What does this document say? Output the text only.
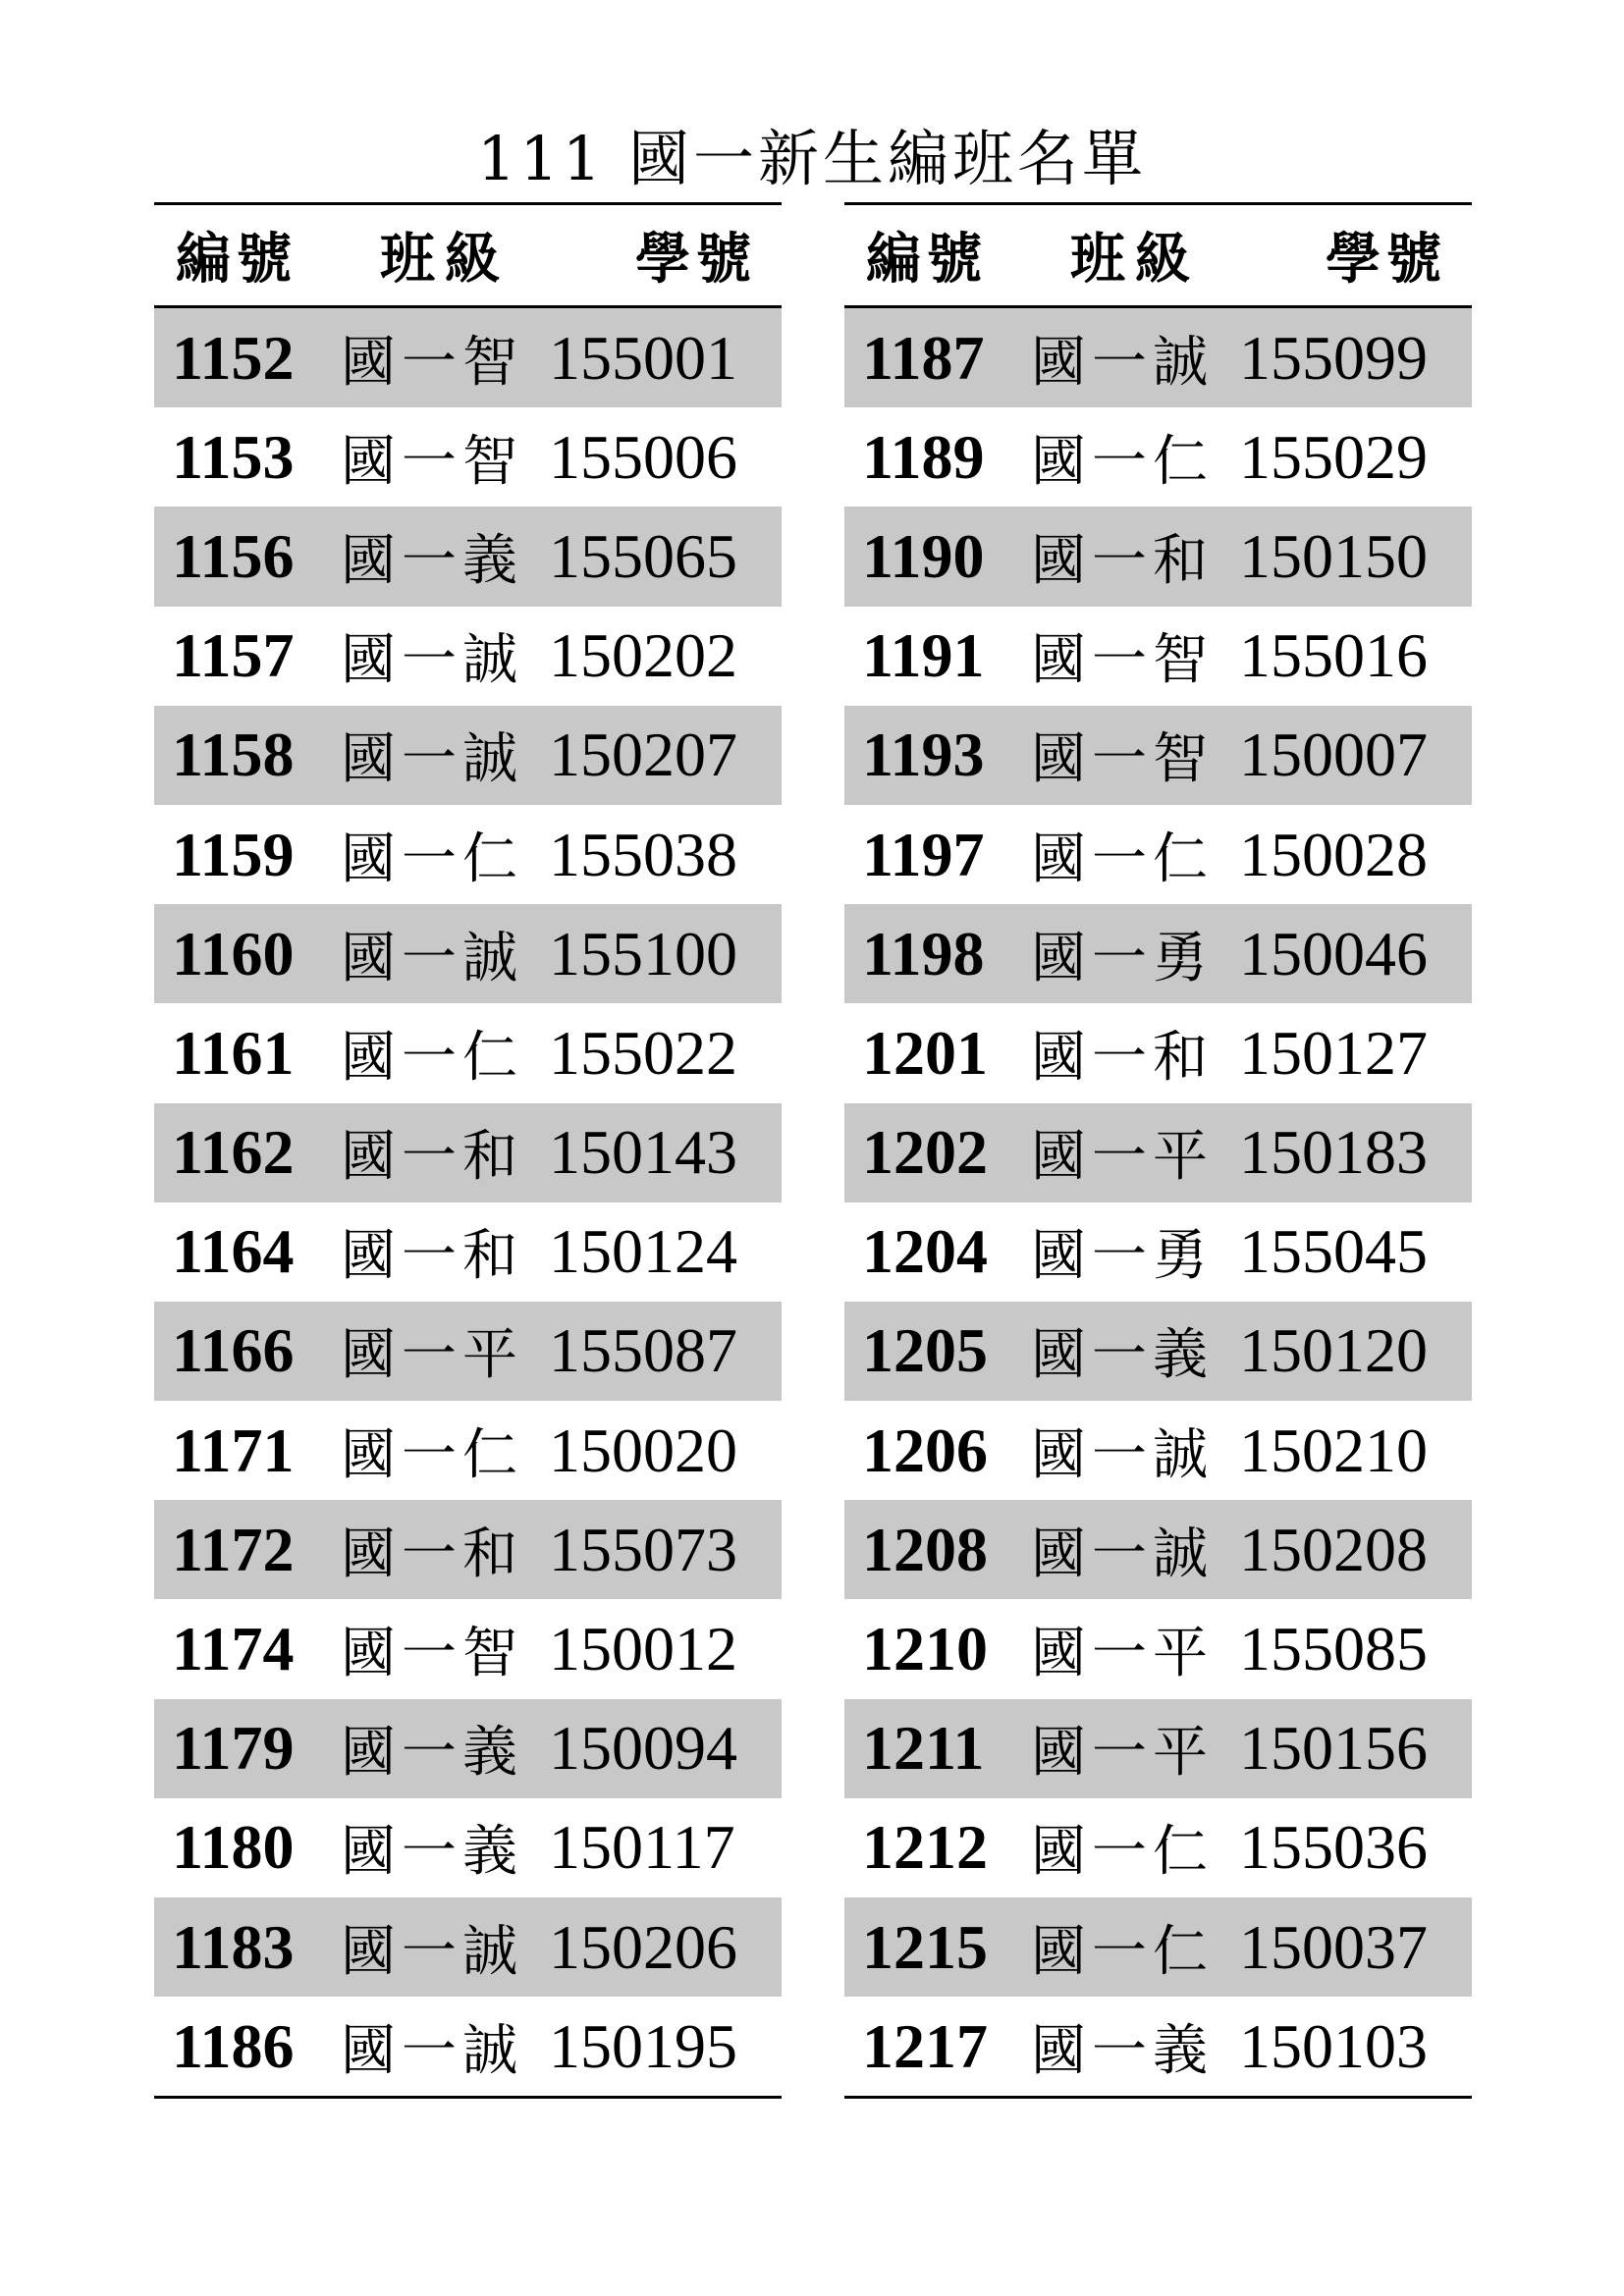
111 國一新生編班名單
編號	班級	學號
1152 國一智 155001
1153 國一智 155006
1156 國一義 155065
1157 國一誠 150202
1158 國一誠 150207
1159 國一仁 155038
1160 國一誠 155100
1161 國一仁 155022
1162 國一和 150143
1164 國一和 150124
1166 國一平 155087
1171 國一仁 150020
1172 國一和 155073
1174 國一智 150012
1179 國一義 150094
1180 國一義 150117
1183 國一誠 150206
1186 國一誠 150195
編號	班級	學號
1187 國一誠 155099
1189 國一仁 155029
1190 國一和 150150
1191 國一智 155016
1193 國一智 150007
1197 國一仁 150028
1198 國一勇 150046
1201 國一和 150127
1202 國一平 150183
1204 國一勇 155045
1205 國一義 150120
1206 國一誠 150210
1208 國一誠 150208
1210 國一平 155085
1211 國一平 150156
1212 國一仁 155036
1215 國一仁 150037
1217 國一義 150103
